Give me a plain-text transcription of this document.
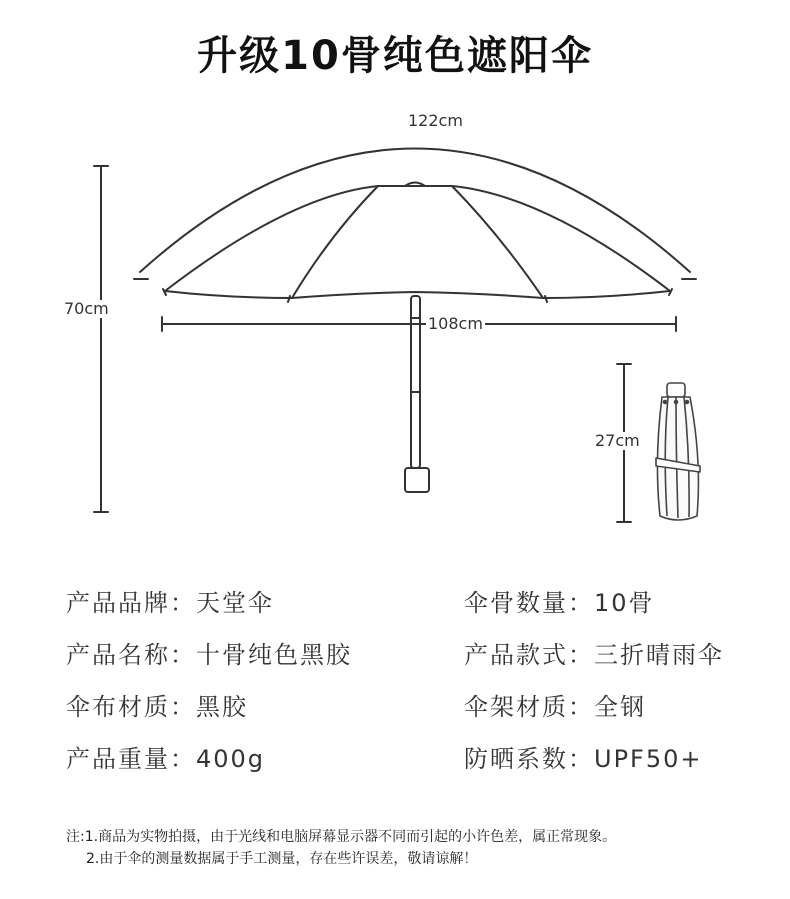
升级10骨纯色遮阳伞
122cm
70cm
108cm
27cm
产品品牌：天堂伞	伞骨数量：10骨
产品名称：十骨纯色黑胶	产品款式：三折晴雨伞
伞布材质：黑胶	伞架材质：全钢
产品重量：400g	防晒系数：UPF50+
注:1.商品为实物拍摄，由于光线和电脑屏幕显示器不同而引起的小许色差，属正常现象。
2.由于伞的测量数据属于手工测量，存在些许误差，敬请谅解！
